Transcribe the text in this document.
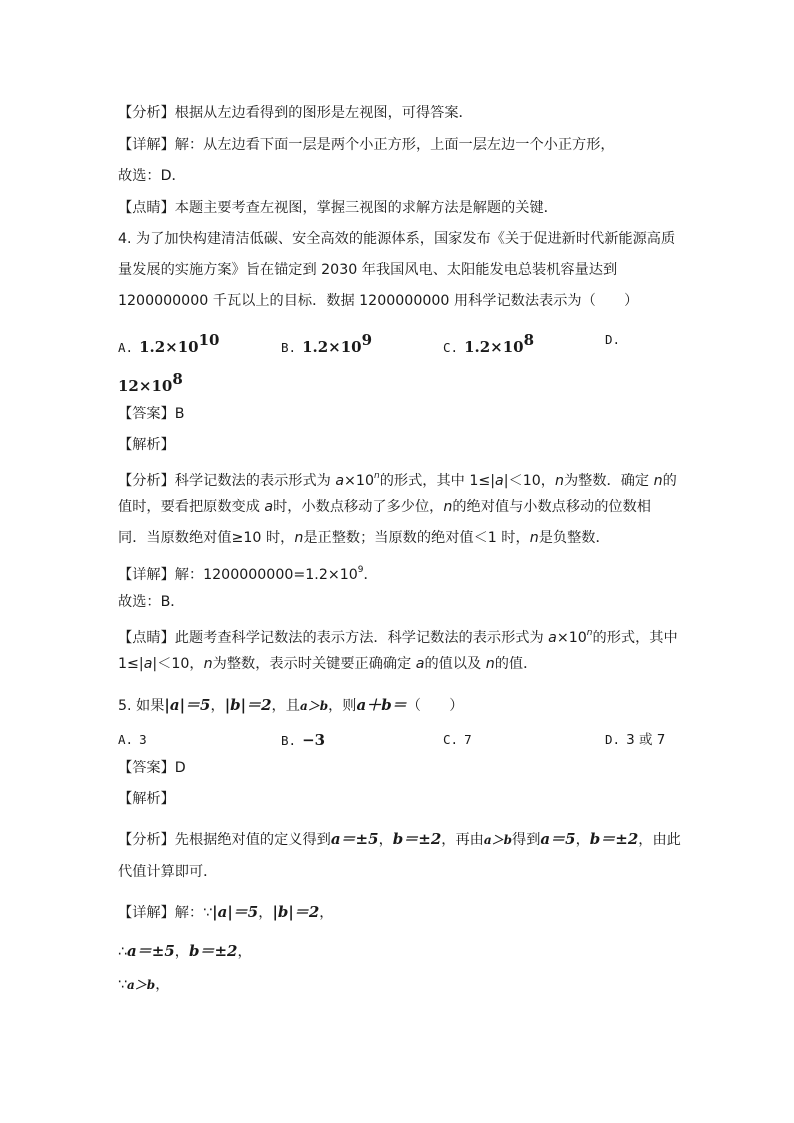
【分析】根据从左边看得到的图形是左视图，可得答案．
【详解】解：从左边看下面一层是两个小正方形，上面一层左边一个小正方形，
故选：D．
【点睛】本题主要考查左视图，掌握三视图的求解方法是解题的关键．
4. 为了加快构建清洁低碳、安全高效的能源体系，国家发布《关于促进新时代新能源高质
量发展的实施方案》旨在锚定到 2030 年我国风电、太阳能发电总装机容量达到
1200000000 千瓦以上的目标．数据 1200000000 用科学记数法表示为（　　）
A. $1.2\times 10^{10}$	B. $1.2\times 10^9$	C. $1.2\times 10^8$	D.
$12\times 10^8$
【答案】B
【解析】
【分析】科学记数法的表示形式为 $a\times 10^n$的形式，其中 1≤|a|＜10，n为整数．确定 n的
值时，要看把原数变成 a时，小数点移动了多少位，n的绝对值与小数点移动的位数相
同．当原数绝对值≥10 时，n是正整数；当原数的绝对值＜1 时，n是负整数．
【详解】解：$1200000000=1.2\times 10^9$．
故选：B．
【点睛】此题考查科学记数法的表示方法．科学记数法的表示形式为 $a\times 10^n$的形式，其中
1≤|a|＜10，n为整数，表示时关键要正确确定 a的值以及 n的值．
5. 如果|a|＝5，|b|＝2，且a＞b，则a＋b＝（　　）
A. 3	B. −3	C. 7	D. 3 或 7
【答案】D
【解析】
【分析】先根据绝对值的定义得到a＝±5，b＝±2，再由a＞b得到a＝5，b＝±2，由此
代值计算即可．
【详解】解：∵|a|＝5，|b|＝2，
∴a＝±5，b＝±2，
∵a＞b，
